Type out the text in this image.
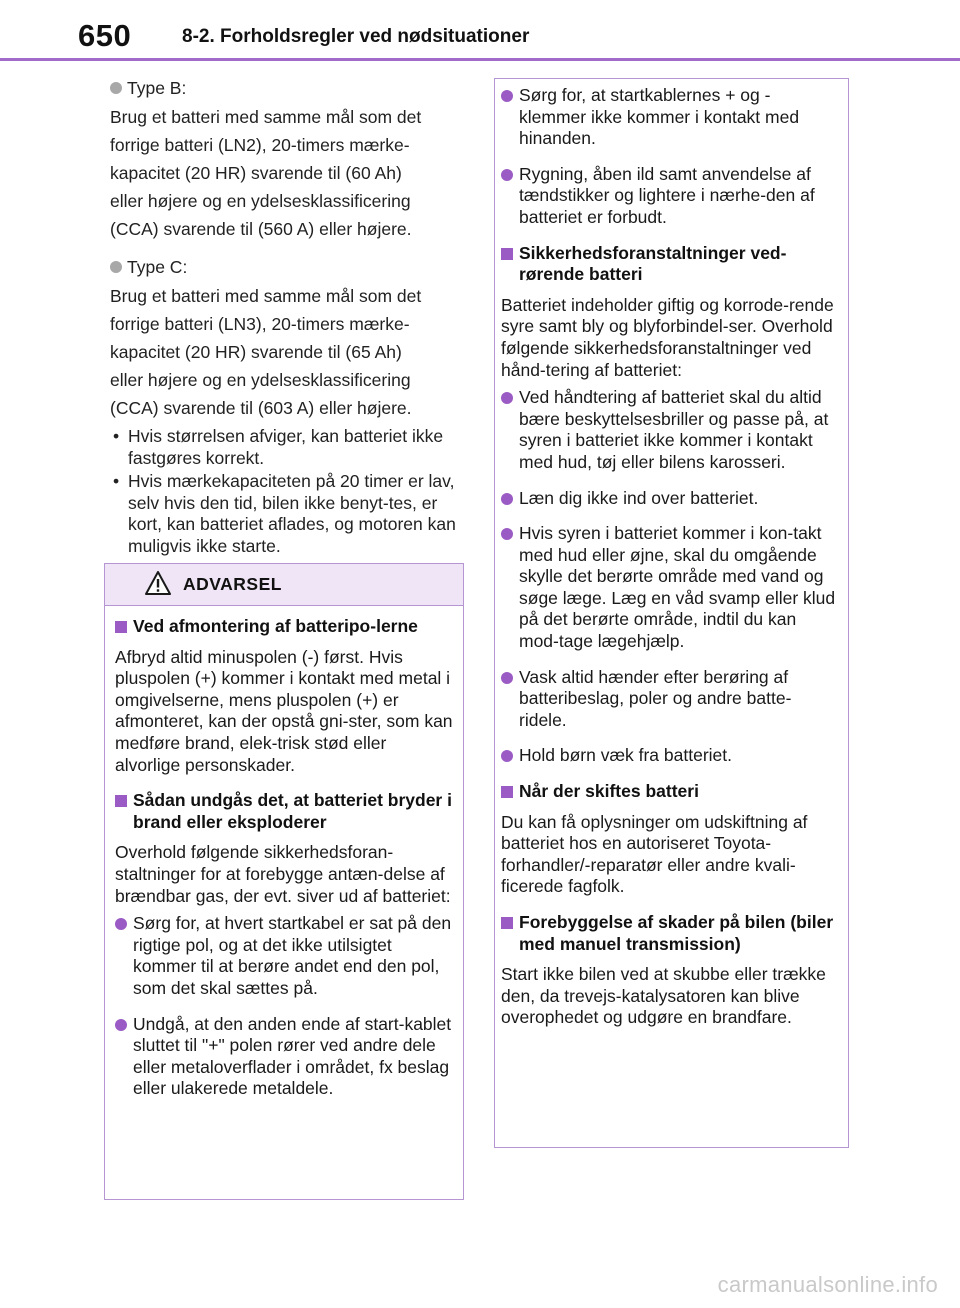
650	8-2. Forholdsregler ved nødsituationer
Type B:
Brug et batteri med samme mål som det
forrige batteri (LN2), 20-timers mærke-
kapacitet (20 HR) svarende til (60 Ah)
eller højere og en ydelsesklassificering
(CCA) svarende til (560 A) eller højere.
Type C:
Brug et batteri med samme mål som det
forrige batteri (LN3), 20-timers mærke-
kapacitet (20 HR) svarende til (65 Ah)
eller højere og en ydelsesklassificering
(CCA) svarende til (603 A) eller højere.
• Hvis størrelsen afviger, kan batteriet ikke fastgøres korrekt.
• Hvis mærkekapaciteten på 20 timer er lav, selv hvis den tid, bilen ikke benyt-tes, er kort, kan batteriet aflades, og motoren kan muligvis ikke starte.
ADVARSEL
Ved afmontering af batteripo-lerne
Afbryd altid minuspolen (-) først. Hvis pluspolen (+) kommer i kontakt med metal i omgivelserne, mens pluspolen (+) er afmonteret, kan der opstå gni-ster, som kan medføre brand, elek-trisk stød eller alvorlige personskader.
Sådan undgås det, at batteriet bryder i brand eller eksploderer
Overhold følgende sikkerhedsforan-staltninger for at forebygge antæn-delse af brændbar gas, der evt. siver ud af batteriet:
Sørg for, at hvert startkabel er sat på den rigtige pol, og at det ikke utilsigtet kommer til at berøre andet end den pol, som det skal sættes på.
Undgå, at den anden ende af start-kablet sluttet til "+" polen rører ved andre dele eller metaloverflader i området, fx beslag eller ulakerede metaldele.
Sørg for, at startkablernes + og - klemmer ikke kommer i kontakt med hinanden.
Rygning, åben ild samt anvendelse af tændstikker og lightere i nærhe-den af batteriet er forbudt.
Sikkerhedsforanstaltninger ved-rørende batteri
Batteriet indeholder giftig og korrode-rende syre samt bly og blyforbindel-ser. Overhold følgende sikkerhedsforanstaltninger ved hånd-tering af batteriet:
Ved håndtering af batteriet skal du altid bære beskyttelsesbriller og passe på, at syren i batteriet ikke kommer i kontakt med hud, tøj eller bilens karosseri.
Læn dig ikke ind over batteriet.
Hvis syren i batteriet kommer i kon-takt med hud eller øjne, skal du omgående skylle det berørte område med vand og søge læge. Læg en våd svamp eller klud på det berørte område, indtil du kan mod-tage lægehjælp.
Vask altid hænder efter berøring af batteribeslag, poler og andre batte-ridele.
Hold børn væk fra batteriet.
Når der skiftes batteri
Du kan få oplysninger om udskiftning af batteriet hos en autoriseret Toyota-forhandler/-reparatør eller andre kvali-ficerede fagfolk.
Forebyggelse af skader på bilen (biler med manuel transmission)
Start ikke bilen ved at skubbe eller trække den, da trevejs-katalysatoren kan blive overophedet og udgøre en brandfare.
carmanualsonline.info
